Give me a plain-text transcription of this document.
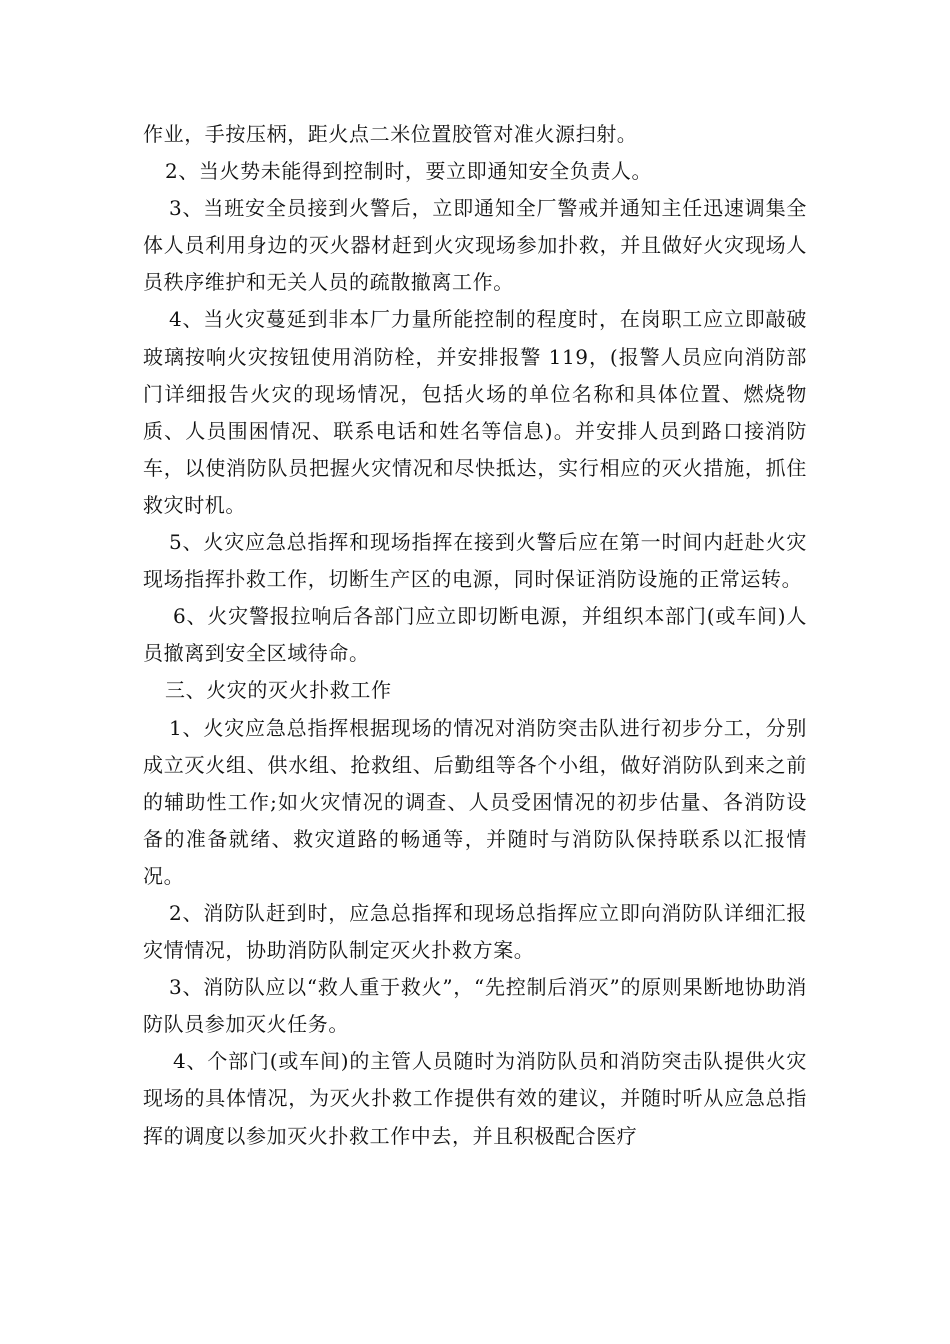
作业，手按压柄，距火点二米位置胶管对准火源扫射。

2、当火势未能得到控制时，要立即通知安全负责人。

3、当班安全员接到火警后，立即通知全厂警戒并通知主任迅速调集全体人员利用身边的灭火器材赶到火灾现场参加扑救，并且做好火灾现场人员秩序维护和无关人员的疏散撤离工作。

4、当火灾蔓延到非本厂力量所能控制的程度时，在岗职工应立即敲破玻璃按响火灾按钮使用消防栓，并安排报警 119，(报警人员应向消防部门详细报告火灾的现场情况，包括火场的单位名称和具体位置、燃烧物质、人员围困情况、联系电话和姓名等信息)。并安排人员到路口接消防车，以使消防队员把握火灾情况和尽快抵达，实行相应的灭火措施，抓住救灾时机。

5、火灾应急总指挥和现场指挥在接到火警后应在第一时间内赶赴火灾现场指挥扑救工作，切断生产区的电源，同时保证消防设施的正常运转。

6、火灾警报拉响后各部门应立即切断电源，并组织本部门(或车间)人员撤离到安全区域待命。

三、火灾的灭火扑救工作

1、火灾应急总指挥根据现场的情况对消防突击队进行初步分工，分别成立灭火组、供水组、抢救组、后勤组等各个小组，做好消防队到来之前的辅助性工作;如火灾情况的调查、人员受困情况的初步估量、各消防设备的准备就绪、救灾道路的畅通等，并随时与消防队保持联系以汇报情况。

2、消防队赶到时，应急总指挥和现场总指挥应立即向消防队详细汇报灾情情况，协助消防队制定灭火扑救方案。

3、消防队应以“救人重于救火”，“先控制后消灭”的原则果断地协助消防队员参加灭火任务。

4、个部门(或车间)的主管人员随时为消防队员和消防突击队提供火灾现场的具体情况，为灭火扑救工作提供有效的建议，并随时听从应急总指挥的调度以参加灭火扑救工作中去，并且积极配合医疗
